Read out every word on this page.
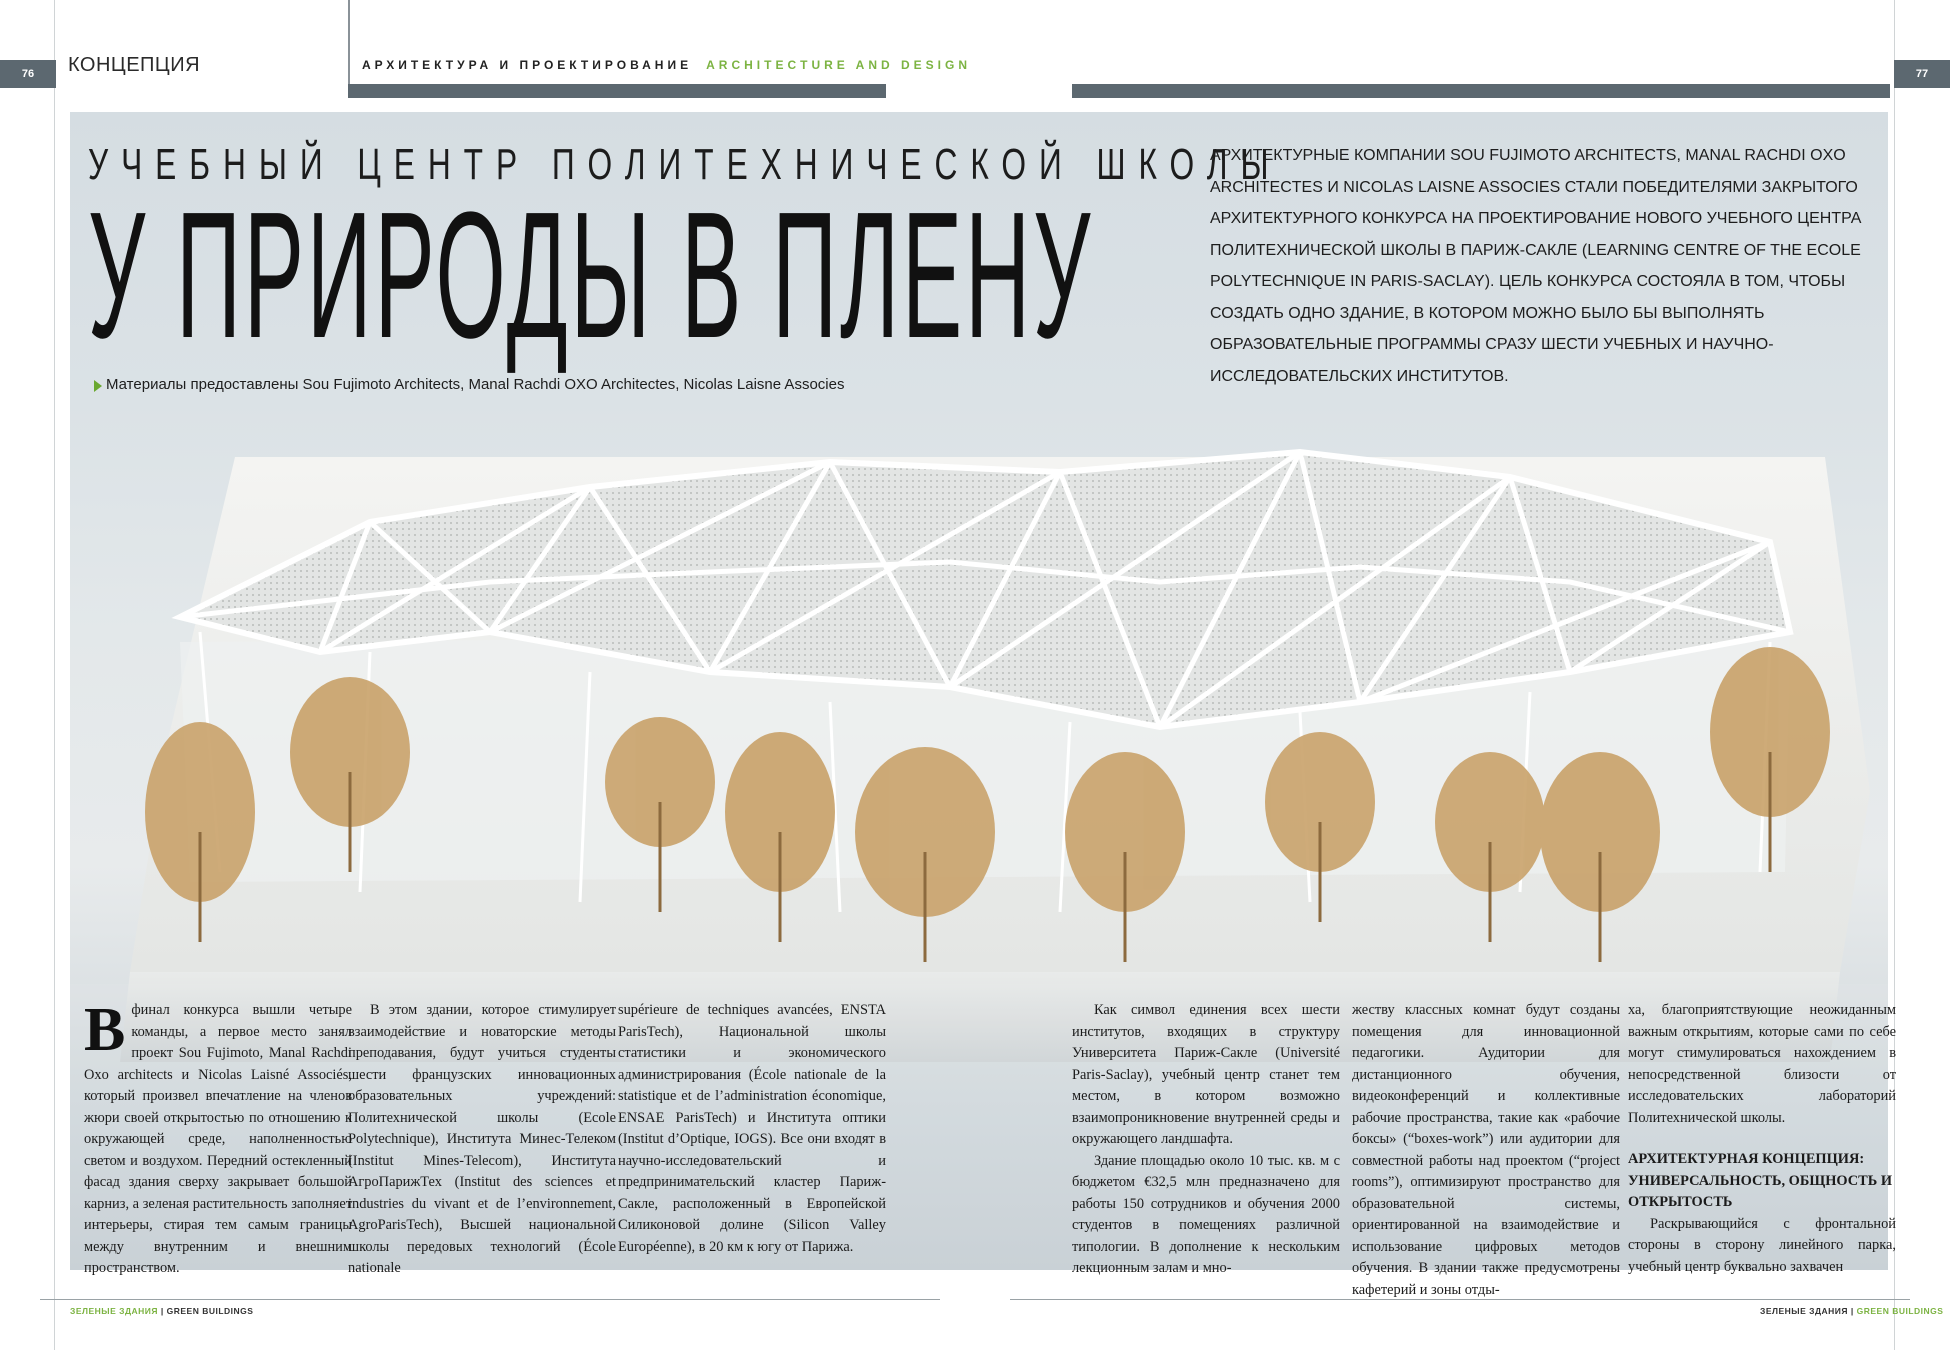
76	КОНЦЕПЦИЯ	АРХИТЕКТУРА И ПРОЕКТИРОВАНИЕ ARCHITECTURE AND DESIGN
77
УЧЕБНЫЙ ЦЕНТР ПОЛИТЕХНИЧЕСКОЙ ШКОЛЫ
У ПРИРОДЫ В ПЛЕНУ
Материалы предоставлены Sou Fujimoto Architects, Manal Rachdi OXO Architectes, Nicolas Laisne Associes
АРХИТЕКТУРНЫЕ КОМПАНИИ SOU FUJIMOTO ARCHITECTS, MANAL RACHDI OXO ARCHITECTES И NICOLAS LAISNE ASSOCIES СТАЛИ ПОБЕДИТЕЛЯМИ ЗАКРЫТОГО АРХИТЕКТУРНОГО КОНКУРСА НА ПРОЕКТИРОВАНИЕ НОВОГО УЧЕБНОГО ЦЕНТРА ПОЛИТЕХНИЧЕСКОЙ ШКОЛЫ В ПАРИЖ-САКЛЕ (LEARNING CENTRE OF THE ECOLE POLYTECHNIQUE IN PARIS-SACLAY). ЦЕЛЬ КОНКУРСА СОСТОЯЛА В ТОМ, ЧТОБЫ СОЗДАТЬ ОДНО ЗДАНИЕ, В КОТОРОМ МОЖНО БЫЛО БЫ ВЫПОЛНЯТЬ ОБРАЗОВАТЕЛЬНЫЕ ПРОГРАММЫ СРАЗУ ШЕСТИ УЧЕБНЫХ И НАУЧНО-ИССЛЕДОВАТЕЛЬСКИХ ИНСТИТУТОВ.
В финал конкурса вышли четыре команды, а первое место занял проект Sou Fujimoto, Manal Rachdi Oxo architects и Nicolas Laisné Associés, который произвел впечатление на членов жюри своей открытостью по отношению к окружающей среде, наполненностью светом и воздухом. Передний остекленный фасад здания сверху закрывает большой карниз, а зеленая растительность заполняет интерьеры, стирая тем самым границы между внутренним и внешним пространством.

В этом здании, которое стимулирует взаимодействие и новаторские методы преподавания, будут учиться студенты шести французских инновационных образовательных учреждений: Политехнической школы (Ecole Polytechnique), Института Минес-Телеком (Institut Mines-Telecom), Института АгроПарижТех (Institut des sciences et industries du vivant et de l’environnement, AgroParisTech), Высшей национальной школы передовых технологий (École nationale

supérieure de techniques avancées, ENSTA ParisTech), Национальной школы статистики и экономического администрирования (École nationale de la statistique et de l’administration économique, ENSAE ParisTech) и Института оптики (Institut d’Optique, IOGS). Все они входят в научно-исследовательский и предпринимательский кластер Париж-Сакле, расположенный в Европейской Силиконовой долине (Silicon Valley Européenne), в 20 км к югу от Парижа.

Как символ единения всех шести институтов, входящих в структуру Университета Париж-Сакле (Université Paris-Saclay), учебный центр станет тем местом, в котором возможно взаимопроникновение внутренней среды и окружающего ландшафта.

Здание площадью около 10 тыс. кв. м с бюджетом €32,5 млн предназначено для работы 150 сотрудников и обучения 2000 студентов в помещениях различной типологии. В дополнение к нескольким лекционным залам и мно-

жеству классных комнат будут созданы помещения для инновационной педагогики. Аудитории для дистанционного обучения, видеоконференций и коллективные рабочие пространства, такие как «рабочие боксы» (“boxes-work”) или аудитории для совместной работы над проектом (“project rooms”), оптимизируют пространство для образовательной системы, ориентированной на взаимодействие и использование цифровых методов обучения. В здании также предусмотрены кафетерий и зоны отды-

ха, благоприятствующие неожиданным важным открытиям, которые сами по себе могут стимулироваться нахождением в непосредственной близости от исследовательских лабораторий Политехнической школы.

АРХИТЕКТУРНАЯ КОНЦЕПЦИЯ: УНИВЕРСАЛЬНОСТЬ, ОБЩНОСТЬ И ОТКРЫТОСТЬ

Раскрывающийся с фронтальной стороны в сторону линейного парка, учебный центр буквально захвачен

ЗЕЛЕНЫЕ ЗДАНИЯ | GREEN BUILDINGS	ЗЕЛЕНЫЕ ЗДАНИЯ | GREEN BUILDINGS
